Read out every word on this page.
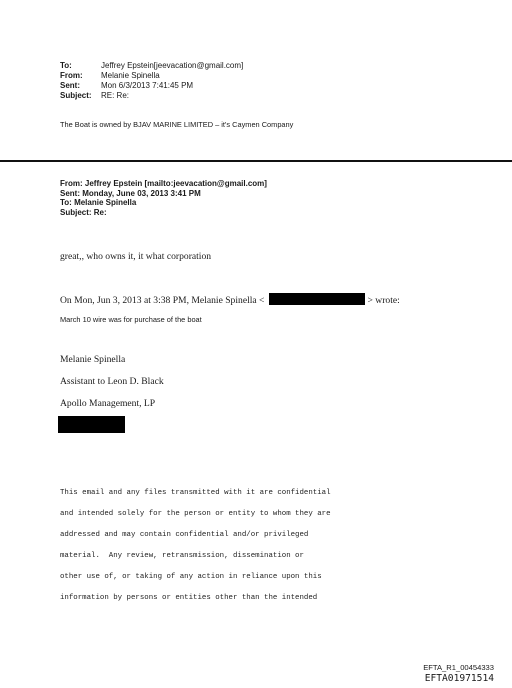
To:	Jeffrey Epstein[jeevacation@gmail.com]
From:	Melanie Spinella
Sent:	Mon 6/3/2013 7:41:45 PM
Subject:	RE: Re:
The Boat is owned by BJAV MARINE LIMITED – it's Caymen Company
From: Jeffrey Epstein [mailto:jeevacation@gmail.com]
Sent: Monday, June 03, 2013 3:41 PM
To: Melanie Spinella
Subject: Re:
great,, who owns it, it what corporation
On Mon, Jun 3, 2013 at 3:38 PM, Melanie Spinella <	> wrote:
March 10 wire was for purchase of the boat
Melanie Spinella
Assistant to Leon D. Black
Apollo Management, LP
This email and any files transmitted with it are confidential
and intended solely for the person or entity to whom they are
addressed and may contain confidential and/or privileged
material.  Any review, retransmission, dissemination or
other use of, or taking of any action in reliance upon this
information by persons or entities other than the intended
EFTA_R1_00454333
EFTA01971514
